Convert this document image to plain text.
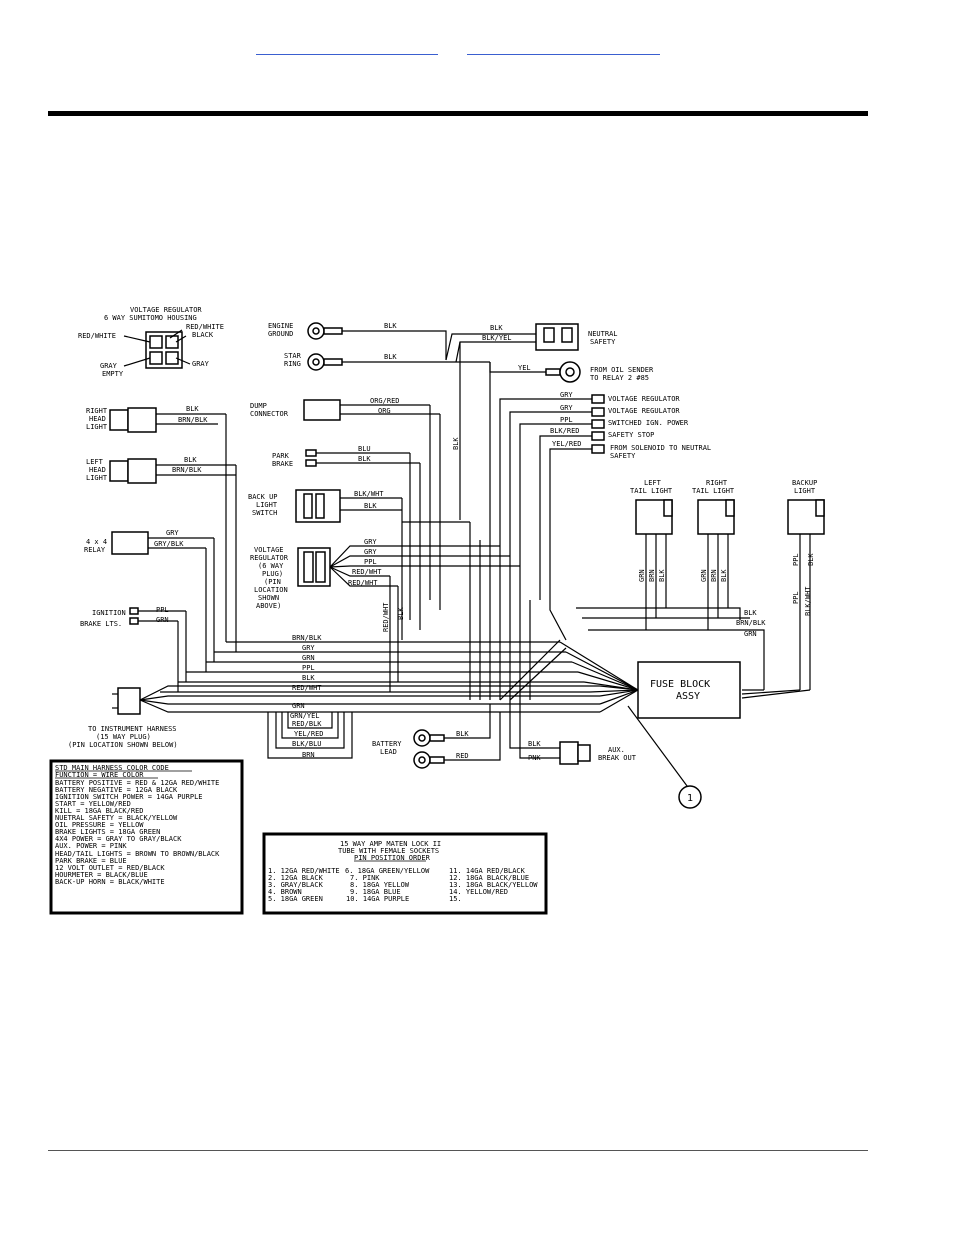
VOLTAGE REGULATOR
6 WAY SUMITOMO HOUSING
RED/WHITE
RED/WHITE
BLACK
GRAY
EMPTY
GRAY
RIGHT
HEAD
LIGHT
BLK
BRN/BLK
LEFT
HEAD
LIGHT
BLK
BRN/BLK
4 x 4
RELAY
GRY
GRY/BLK
IGNITION
BRAKE LTS.
PPL
GRN
BRN/BLK
GRY
GRN
PPL
BLK
RED/WHT
TO INSTRUMENT HARNESS
(15 WAY PLUG)
(PIN LOCATION SHOWN BELOW)
GRN
GRN/YEL
RED/BLK
YEL/RED
BLK/BLU
BRN
ENGINE
GROUND
BLK
STAR
RING
BLK
BLK
BLK/YEL
BLK
NEUTRAL
SAFETY
YEL	FROM OIL SENDER
TO RELAY 2 #85
VOLTAGE REGULATOR
VOLTAGE REGULATOR
SWITCHED IGN. POWER
SAFETY STOP
FROM SOLENOID TO NEUTRAL
SAFETY
GRY
GRY
PPL
BLK/RED
YEL/RED
DUMP
CONNECTOR
ORG/RED
ORG
PARK
BRAKE
BLU
BLK
BACK UP
LIGHT
SWITCH
BLK/WHT
BLK
VOLTAGE
REGULATOR
(6 WAY
PLUG)
(PIN
LOCATION
SHOWN
ABOVE)
GRY
GRY
PPL
RED/WHT
RED/WHT
RED/WHT BLK
LEFT
TAIL LIGHT
GRN BRN BLK
RIGHT
TAIL LIGHT
GRN BRN BLK
BLK
BRN/BLK
GRN
BACKUP
LIGHT
PPL BLK
PPL BLK/WHT
FUSE BLOCK
ASSY
1
BATTERY
LEAD
BLK
RED
BLK
PNK
AUX.
BREAK OUT
STD MAIN HARNESS COLOR CODE
FUNCTION = WIRE COLOR
BATTERY POSITIVE = RED & 12GA RED/WHITE
BATTERY NEGATIVE = 12GA BLACK
IGNITION SWITCH POWER = 14GA PURPLE
START = YELLOW/RED
KILL = 18GA BLACK/RED
NUETRAL SAFETY = BLACK/YELLOW
OIL PRESSURE = YELLOW
BRAKE LIGHTS = 18GA GREEN
4X4 POWER = GRAY TO GRAY/BLACK
AUX. POWER = PINK
HEAD/TAIL LIGHTS = BROWN TO BROWN/BLACK
PARK BRAKE = BLUE
12 VOLT OUTLET = RED/BLACK
HOURMETER = BLACK/BLUE
BACK-UP HORN = BLACK/WHITE
15 WAY AMP MATEN LOCK II
TUBE WITH FEMALE SOCKETS
PIN POSITION ORDER
1. 12GA RED/WHITE
2. 12GA BLACK
3. GRAY/BLACK
4. BROWN
5. 18GA GREEN
6. 18GA GREEN/YELLOW
7. PINK
8. 18GA YELLOW
9. 18GA BLUE
10. 14GA PURPLE
11. 14GA RED/BLACK
12. 18GA BLACK/BLUE
13. 18GA BLACK/YELLOW
14. YELLOW/RED
15.
